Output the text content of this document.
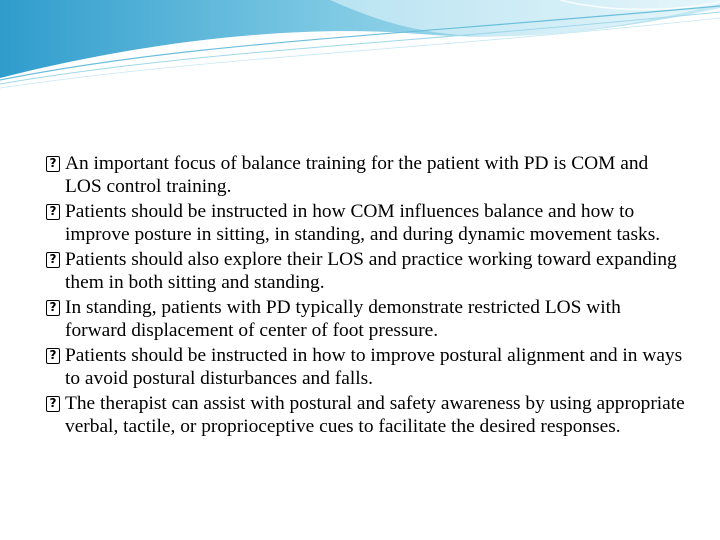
? An important focus of balance training for the patient with PD is COM and LOS control training.
? Patients should be instructed in how COM influences balance and how to improve posture in sitting, in standing, and during dynamic movement tasks.
? Patients should also explore their LOS and practice working toward expanding them in both sitting and standing.
? In standing, patients with PD typically demonstrate restricted LOS with forward displacement of center of foot pressure.
? Patients should be instructed in how to improve postural alignment and in ways to avoid postural disturbances and falls.
? The therapist can assist with postural and safety awareness by using appropriate verbal, tactile, or proprioceptive cues to facilitate the desired responses.
